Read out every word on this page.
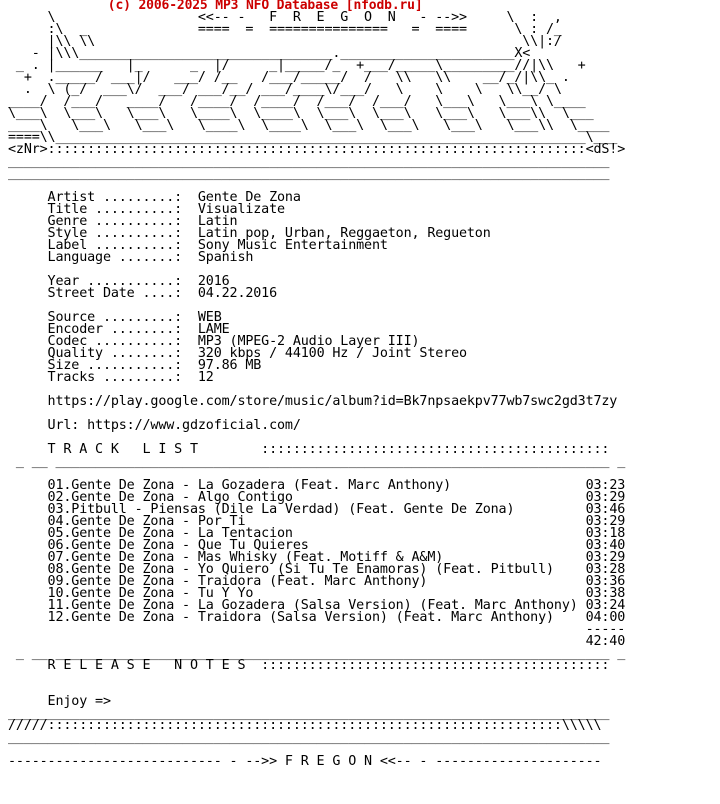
(c) 2006-2025 MP3 NFO Database [nfodb.ru]
\                  <<-- -   F  R  E  G  O  N   - -->>     \  :  ,
:\  _              ====  =  ===============   =  ====      \ : /_
|\\ \\                                                      \\|:/
- |\\\________________________________.______________________X<
_ . |______   |_      _  |/     _|_____/_  +___/_____\_________//|\\   +
+  ._____/ ___|/   ___/ /__   /___/_____/  /   \\   \\    __/_/|\\_ .
.  \ (_/  ___\/  ___/ ___/__/ ___/____\/___/   \    \    \   \\__/ \
____/  /___/   ____/   /____/  /____/  /___/  /___/   \___\   \___\ \____
\___\  \___\   \___\   \____\  \____\  \___\  \___\   \___\   \___\\  \___
____\   \___\   \___\   \____\  \____\  \___\  \___\   \___\   \___\\  \____
====\\___________________________________________________________________\___
<zNr>::::::::::::::::::::::::::::::::::::::::::::::::::::::::::::::::::::<dS!>
____________________________________________________________________________
____________________________________________________________________________
Artist .........:  Gente De Zona
Title ..........:  Visualizate
Genre ..........:  Latin
Style ..........:  Latin pop, Urban, Reggaeton, Regueton
Label ..........:  Sony Music Entertainment
Language .......:  Spanish
Year ...........:  2016
Street Date ....:  04.22.2016
Source .........:  WEB
Encoder ........:  LAME
Codec ..........:  MP3 (MPEG-2 Audio Layer III)
Quality ........:  320 kbps / 44100 Hz / Joint Stereo
Size ...........:  97.86 MB
Tracks .........:  12
https://play.google.com/store/music/album?id=Bk7npsaekpv77wb7swc2gd3t7zy
Url: https://www.gdzoficial.com/
T R A C K   L I S T        ::::::::::::::::::::::::::::::::::::::::::::
_ __ ______________________________________________________________________ _
01.Gente De Zona - La Gozadera (Feat. Marc Anthony)	03:23
02.Gente De Zona - Algo Contigo	03:29
03.Pitbull - Piensas (Dile La Verdad) (Feat. Gente De Zona)	03:46
04.Gente De Zona - Por Ti	03:29
05.Gente De Zona - La Tentacion	03:18
06.Gente De Zona - Que Tu Quieres	03:40
07.Gente De Zona - Mas Whisky (Feat. Motiff & A&M)	03:29
08.Gente De Zona - Yo Quiero (Si Tu Te Enamoras) (Feat. Pitbull) 03:28
09.Gente De Zona - Traidora (Feat. Marc Anthony)	03:36
10.Gente De Zona - Tu Y Yo	03:38
11.Gente De Zona - La Gozadera (Salsa Version) (Feat. Marc Anthony) 03:24
12.Gente De Zona - Traidora (Salsa Version) (Feat. Marc Anthony) 04:00
-----
42:40
_ __ ______________________________________________________________________ _
R E L E A S E   N O T E S  ::::::::::::::::::::::::::::::::::::::::::::
Enjoy =>
____________________________________________________________________________
/////:::::::::::::::::::::::::::::::::::::::::::::::::::::::::::::::::\\\\\
____________________________________________________________________________
--------------------------- - -->> F R E G O N <<-- - ---------------------
